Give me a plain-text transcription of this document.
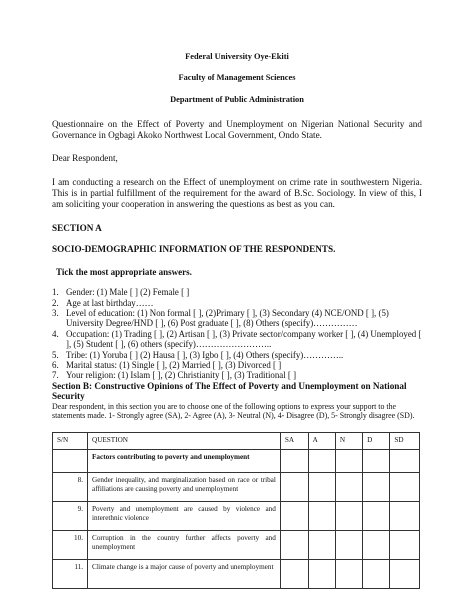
Federal University Oye-Ekiti
Faculty of Management Sciences
Department of Public Administration

Questionnaire on the Effect of Poverty and Unemployment on Nigerian National Security and Governance in Ogbagi Akoko Northwest Local Government, Ondo State.

Dear Respondent,

I am conducting a research on the Effect of unemployment on crime rate in southwestern Nigeria. This is in partial fulfillment of the requirement for the award of B.Sc. Sociology. In view of this, I am soliciting your cooperation in answering the questions as best as you can.

SECTION A
SOCIO-DEMOGRAPHIC INFORMATION OF THE RESPONDENTS.
Tick the most appropriate answers.
1. Gender: (1) Male [ ] (2) Female [ ]
2. Age at last birthday……
3. Level of education: (1) Non formal [ ], (2)Primary [ ], (3) Secondary (4) NCE/OND [ ], (5) University Degree/HND [ ], (6) Post graduate [ ], (8) Others (specify)……………
4. Occupation: (1) Trading [ ], (2) Artisan [ ], (3) Private sector/company worker [ ], (4) Unemployed [ ], (5) Student [ ], (6) others (specify)……………………..
5. Tribe: (1) Yoruba [ ] (2) Hausa [ ], (3) Igbo [ ], (4) Others (specify)…………..
6. Marital status: (1) Single [ ], (2) Married [ ], (3) Divorced [ ]
7. Your religion: (1) Islam [ ], (2) Christianity [ ], (3) Traditional [ ]
Section B: Constructive Opinions of The Effect of Poverty and Unemployment on National Security

Dear respondent, in this section you are to choose one of the following options to express your support to the statements made. 1- Strongly agree (SA), 2- Agree (A), 3- Neutral (N), 4- Disagree (D), 5- Strongly disagree (SD).

S/N	QUESTION	SA	A	N	D	SD
	Factors contributing to poverty and unemployment					
8.	Gender inequality, and marginalization based on race or tribal affiliations are causing poverty and unemployment					
9.	Poverty and unemployment are caused by violence and interethnic violence					
10.	Corruption in the country further affects poverty and unemployment					
11.	Climate change is a major cause of poverty and unemployment					
